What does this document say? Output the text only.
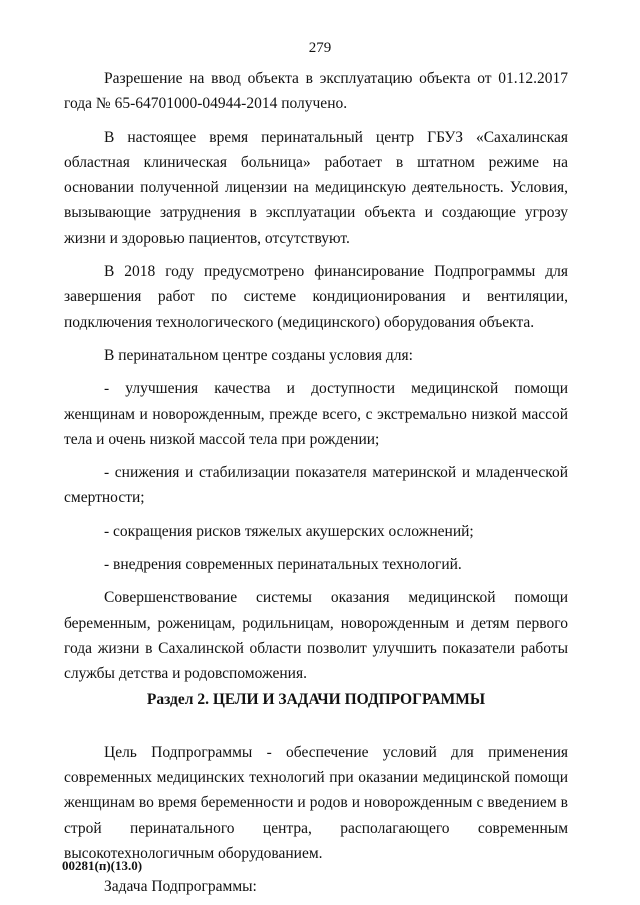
279

Разрешение на ввод объекта в эксплуатацию объекта от 01.12.2017 года № 65-64701000-04944-2014 получено.

В настоящее время перинатальный центр ГБУЗ «Сахалинская областная клиническая больница» работает в штатном режиме на основании полученной лицензии на медицинскую деятельность. Условия, вызывающие затруднения в эксплуатации объекта и создающие угрозу жизни и здоровью пациентов, отсутствуют.

В 2018 году предусмотрено финансирование Подпрограммы для завершения работ по системе кондиционирования и вентиляции, подключения технологического (медицинского) оборудования объекта.

В перинатальном центре созданы условия для:

- улучшения качества и доступности медицинской помощи женщинам и новорожденным, прежде всего, с экстремально низкой массой тела и очень низкой массой тела при рождении;

- снижения и стабилизации показателя материнской и младенческой смертности;

- сокращения рисков тяжелых акушерских осложнений;

- внедрения современных перинатальных технологий.

Совершенствование системы оказания медицинской помощи беременным, роженицам, родильницам, новорожденным и детям первого года жизни в Сахалинской области позволит улучшить показатели работы службы детства и родовспоможения.

Раздел 2. ЦЕЛИ И ЗАДАЧИ ПОДПРОГРАММЫ

Цель Подпрограммы - обеспечение условий для применения современных медицинских технологий при оказании медицинской помощи женщинам во время беременности и родов и новорожденным с введением в строй перинатального центра, располагающего современным высокотехнологичным оборудованием.

Задача Подпрограммы:

00281(п)(13.0)
